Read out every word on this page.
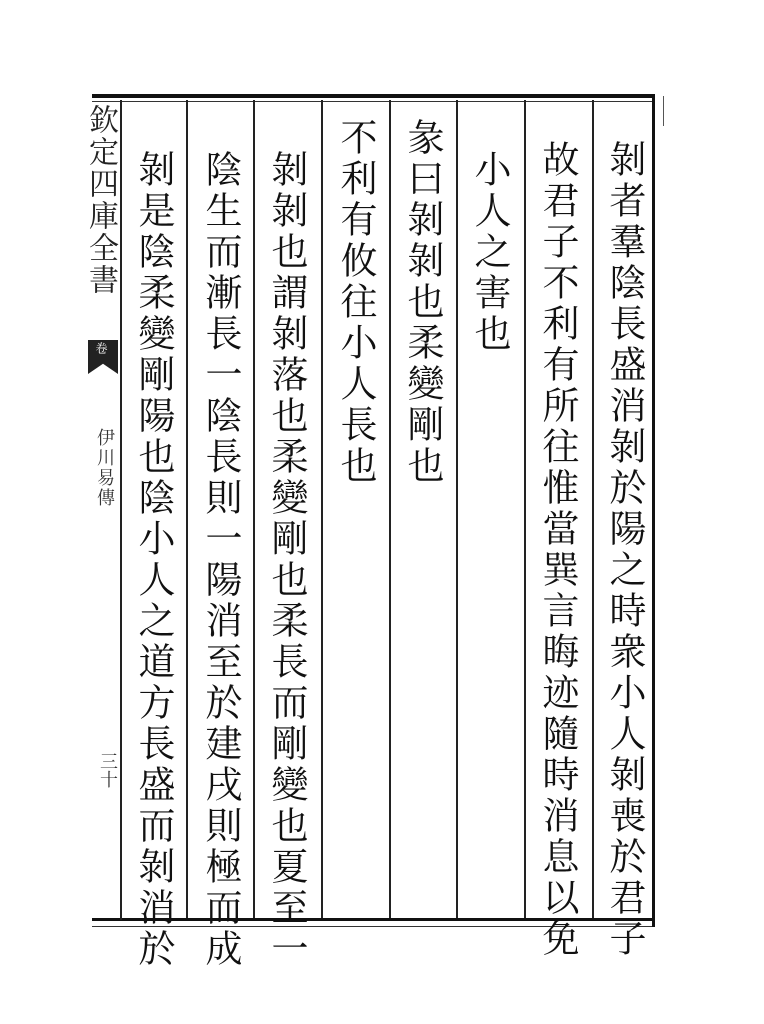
欽定四庫全書
卷
伊川易傳
三十	剝者羣陰長盛消剝於陽之時衆小人剝喪於君子
故君子不利有所往惟當巽言晦迹隨時消息以免
小人之害也
彖曰剝剝也柔變剛也
不利有攸往小人長也
剝剝也謂剝落也柔變剛也柔長而剛變也夏至一
陰生而漸長一陰長則一陽消至於建戌則極而成
剝是陰柔變剛陽也陰小人之道方長盛而剝消於
